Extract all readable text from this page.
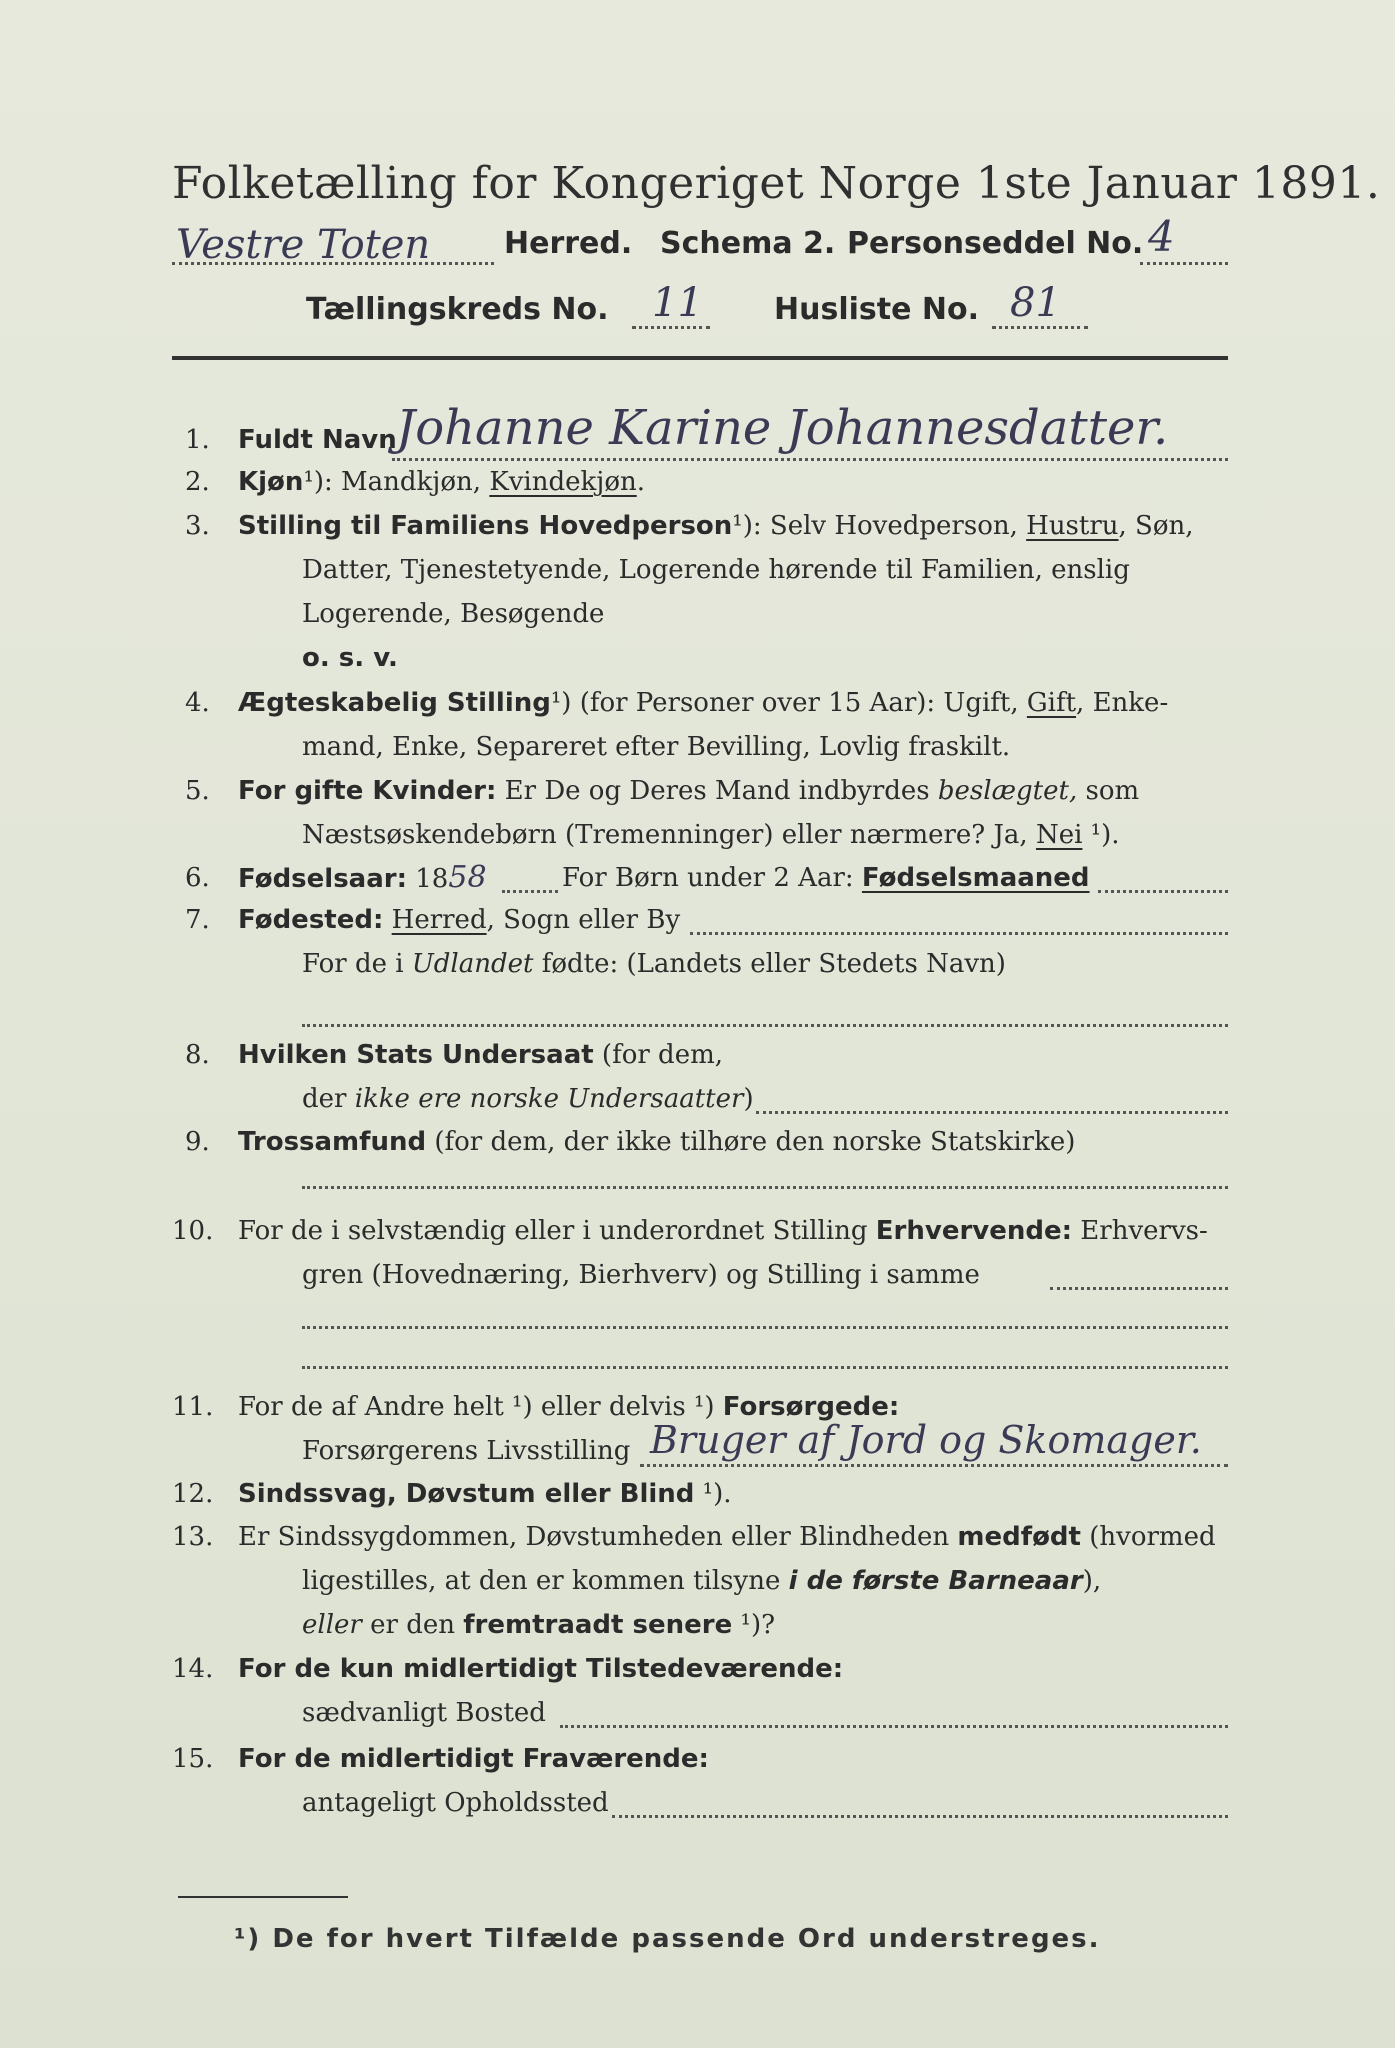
Folketælling for Kongeriget Norge 1ste Januar 1891.
Vestre Toten Herred. Schema 2. Personseddel No. 4
Tællingskreds No. 11 Husliste No. 81
1. Fuldt Navn Johanne Karine Johannesdatter.
2. Kjøn¹): Mandkjøn, Kvindekjøn.
3. Stilling til Familiens Hovedperson¹): Selv Hovedperson, Hustru, Søn,
Datter, Tjenestetyende, Logerende hørende til Familien, enslig
Logerende, Besøgende
o. s. v.
4. Ægteskabelig Stilling¹) (for Personer over 15 Aar): Ugift, Gift, Enke-
mand, Enke, Separeret efter Bevilling, Lovlig fraskilt.
5. For gifte Kvinder: Er De og Deres Mand indbyrdes beslægtet, som
Næstsøskendebørn (Tremenninger) eller nærmere? Ja, Nei ¹).
6. Fødselsaar: 1858	For Børn under 2 Aar: Fødselsmaaned
7. Fødested: Herred, Sogn eller By
For de i Udlandet fødte: (Landets eller Stedets Navn)
8. Hvilken Stats Undersaat (for dem,
der ikke ere norske Undersaatter)
9. Trossamfund (for dem, der ikke tilhøre den norske Statskirke)
10. For de i selvstændig eller i underordnet Stilling Erhvervende: Erhvervs-
gren (Hovednæring, Bierhverv) og Stilling i samme
11. For de af Andre helt ¹) eller delvis ¹) Forsørgede:
Forsørgerens Livsstilling Bruger af Jord og Skomager.
12. Sindssvag, Døvstum eller Blind ¹).
13. Er Sindssygdommen, Døvstumheden eller Blindheden medfødt (hvormed
ligestilles, at den er kommen tilsyne i de første Barneaar),
eller er den fremtraadt senere ¹)?
14. For de kun midlertidigt Tilstedeværende:
sædvanligt Bosted
15. For de midlertidigt Fraværende:
antageligt Opholdssted
¹) De for hvert Tilfælde passende Ord understreges.
